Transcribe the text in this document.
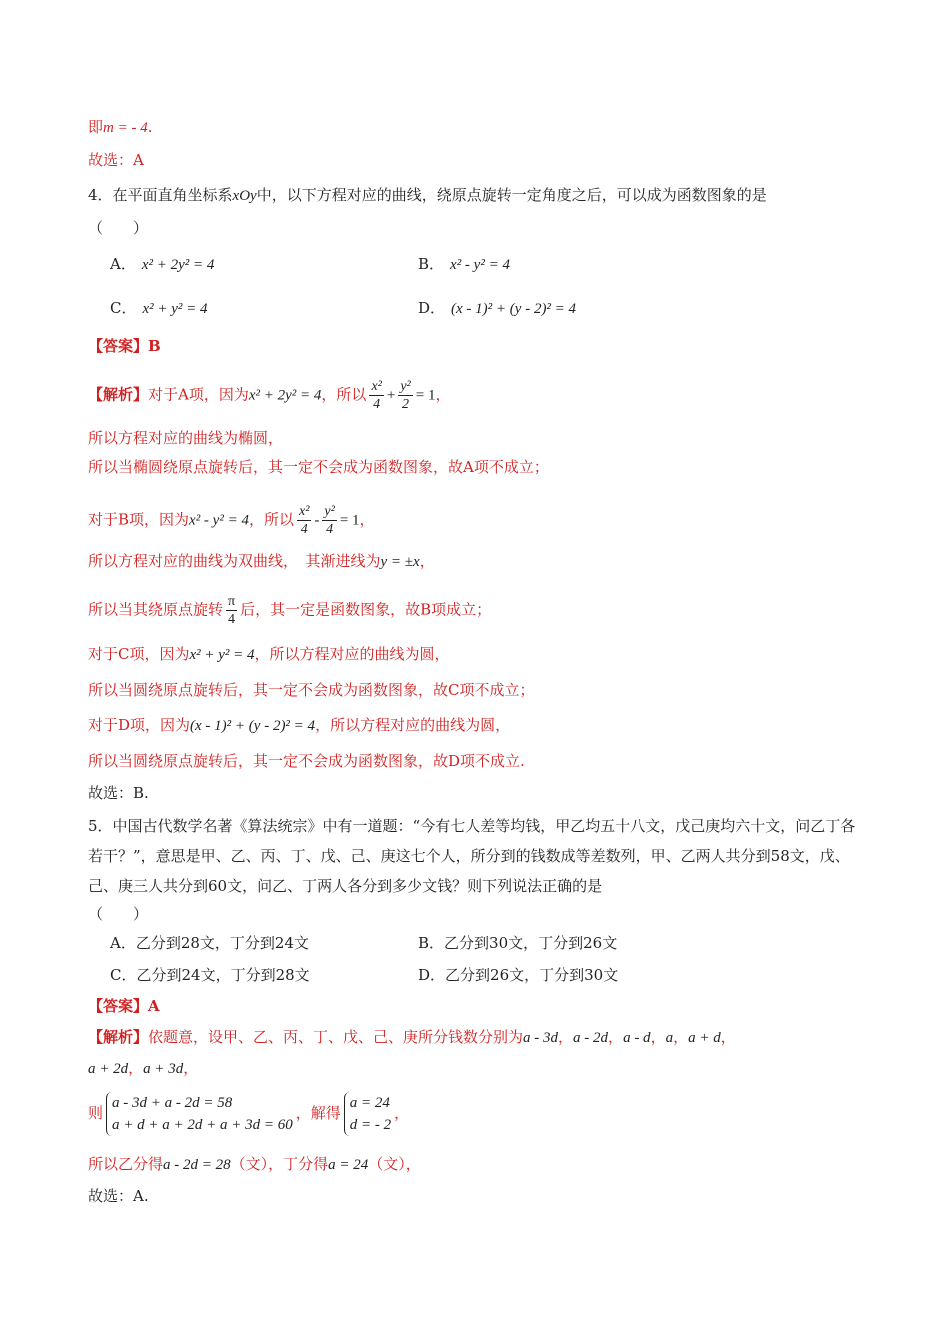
即m = - 4.
故选：A
4．在平面直角坐标系xOy中，以下方程对应的曲线，绕原点旋转一定角度之后，可以成为函数图象的是
（　　）
A． x² + 2y² = 4	B． x² - y² = 4
C． x² + y² = 4	D． (x - 1)² + (y - 2)² = 4
【答案】B
【解析】对于A项，因为x² + 2y² = 4，所以 $\frac{\text{x²}}{4} + \frac{\text{y²}}{2} = 1$，
所以方程对应的曲线为椭圆，
所以当椭圆绕原点旋转后，其一定不会成为函数图象，故A项不成立；
对于B项，因为x² - y² = 4，所以 $\frac{\text{x²}}{4} - \frac{\text{y²}}{4} = 1$，
所以方程对应的曲线为双曲线，　其渐进线为y = ±x，
所以当其绕原点旋转 $\frac{\pi}{4}$ 后，其一定是函数图象，故B项成立；
对于C项，因为x² + y² = 4，所以方程对应的曲线为圆，
所以当圆绕原点旋转后，其一定不会成为函数图象，故C项不成立；
对于D项，因为(x - 1)² + (y - 2)² = 4，所以方程对应的曲线为圆，
所以当圆绕原点旋转后，其一定不会成为函数图象，故D项不成立.
故选：B.
5．中国古代数学名著《算法统宗》中有一道题：“今有七人差等均钱，甲乙均五十八文，戊己庚均六十文，问乙丁各若干？”，意思是甲、乙、丙、丁、戊、己、庚这七个人，所分到的钱数成等差数列，甲、乙两人共分到58文，戊、己、庚三人共分到60文，问乙、丁两人各分到多少文钱？则下列说法正确的是
（　　）
A．乙分到28文，丁分到24文	B．乙分到30文，丁分到26文
C．乙分到24文，丁分到28文	D．乙分到26文，丁分到30文
【答案】A
【解析】依题意，设甲、乙、丙、丁、戊、己、庚所分钱数分别为a - 3d，a - 2d，a - d，a，a + d，
a + 2d，a + 3d，
则
a - 3d + a - 2d = 58
a + d + a + 2d + a + 3d = 60
，解得
a = 24
d = - 2
，
所以乙分得a - 2d = 28（文），丁分得a = 24（文），
故选：A.
